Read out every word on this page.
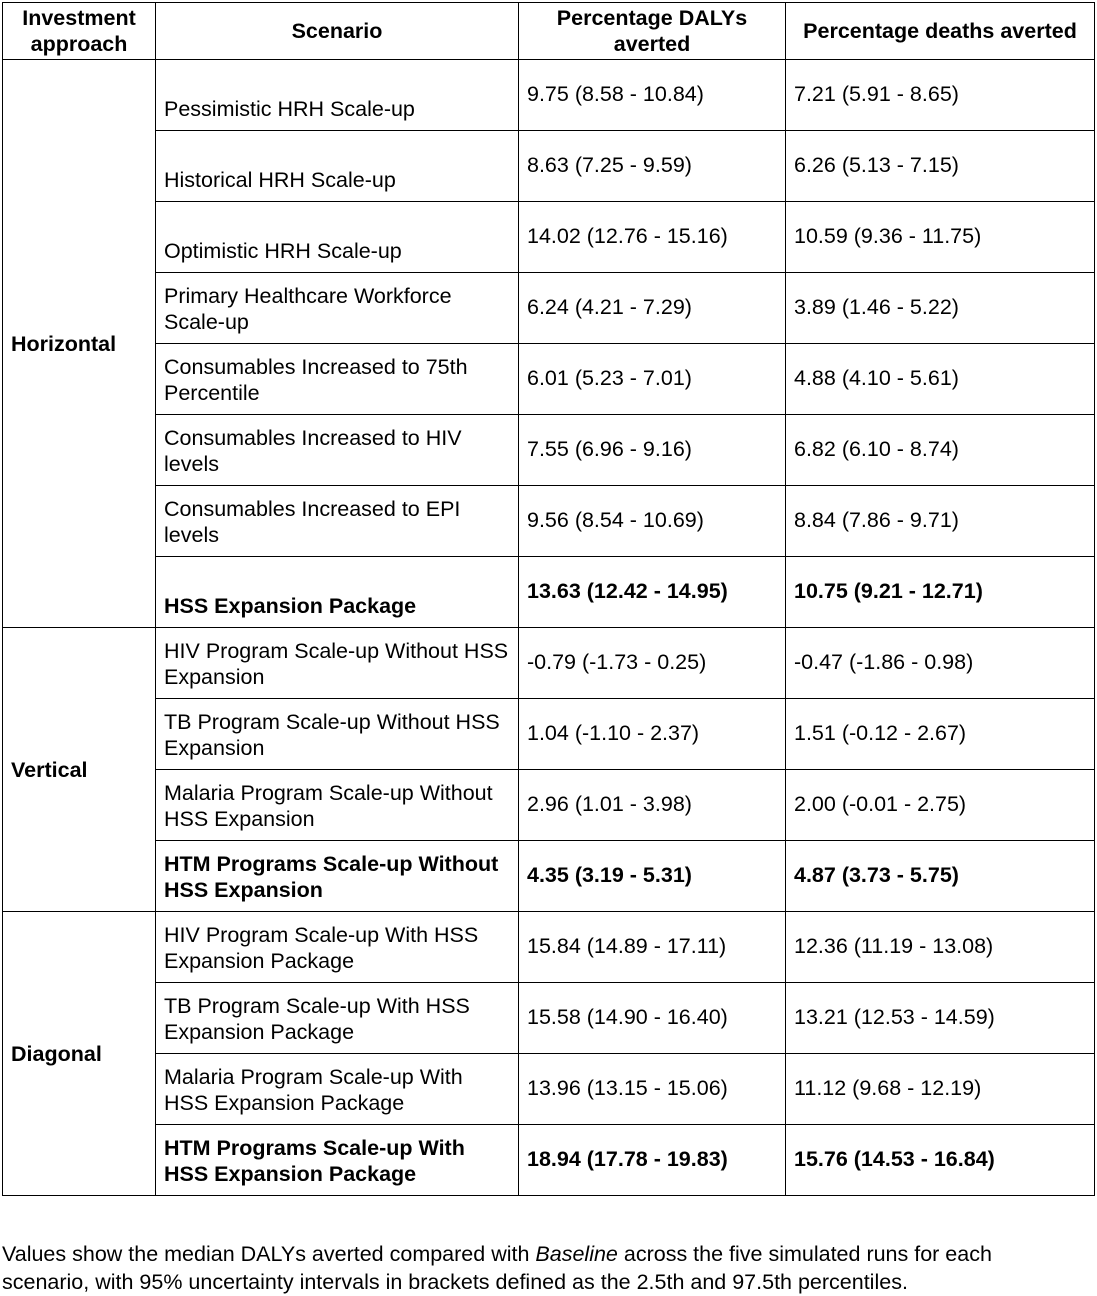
Investment approach	Scenario	Percentage DALYs averted	Percentage deaths averted
Horizontal	Pessimistic HRH Scale-up	9.75 (8.58 - 10.84)	7.21 (5.91 - 8.65)
	Historical HRH Scale-up	8.63 (7.25 - 9.59)	6.26 (5.13 - 7.15)
	Optimistic HRH Scale-up	14.02 (12.76 - 15.16)	10.59 (9.36 - 11.75)
	Primary Healthcare Workforce Scale-up	6.24 (4.21 - 7.29)	3.89 (1.46 - 5.22)
	Consumables Increased to 75th Percentile	6.01 (5.23 - 7.01)	4.88 (4.10 - 5.61)
	Consumables Increased to HIV levels	7.55 (6.96 - 9.16)	6.82 (6.10 - 8.74)
	Consumables Increased to EPI levels	9.56 (8.54 - 10.69)	8.84 (7.86 - 9.71)
	HSS Expansion Package	13.63 (12.42 - 14.95)	10.75 (9.21 - 12.71)
Vertical	HIV Program Scale-up Without HSS Expansion	-0.79 (-1.73 - 0.25)	-0.47 (-1.86 - 0.98)
	TB Program Scale-up Without HSS Expansion	1.04 (-1.10 - 2.37)	1.51 (-0.12 - 2.67)
	Malaria Program Scale-up Without HSS Expansion	2.96 (1.01 - 3.98)	2.00 (-0.01 - 2.75)
	HTM Programs Scale-up Without HSS Expansion	4.35 (3.19 - 5.31)	4.87 (3.73 - 5.75)
Diagonal	HIV Program Scale-up With HSS Expansion Package	15.84 (14.89 - 17.11)	12.36 (11.19 - 13.08)
	TB Program Scale-up With HSS Expansion Package	15.58 (14.90 - 16.40)	13.21 (12.53 - 14.59)
	Malaria Program Scale-up With HSS Expansion Package	13.96 (13.15 - 15.06)	11.12 (9.68 - 12.19)
	HTM Programs Scale-up With HSS Expansion Package	18.94 (17.78 - 19.83)	15.76 (14.53 - 16.84)

Values show the median DALYs averted compared with Baseline across the five simulated runs for each scenario, with 95% uncertainty intervals in brackets defined as the 2.5th and 97.5th percentiles.
